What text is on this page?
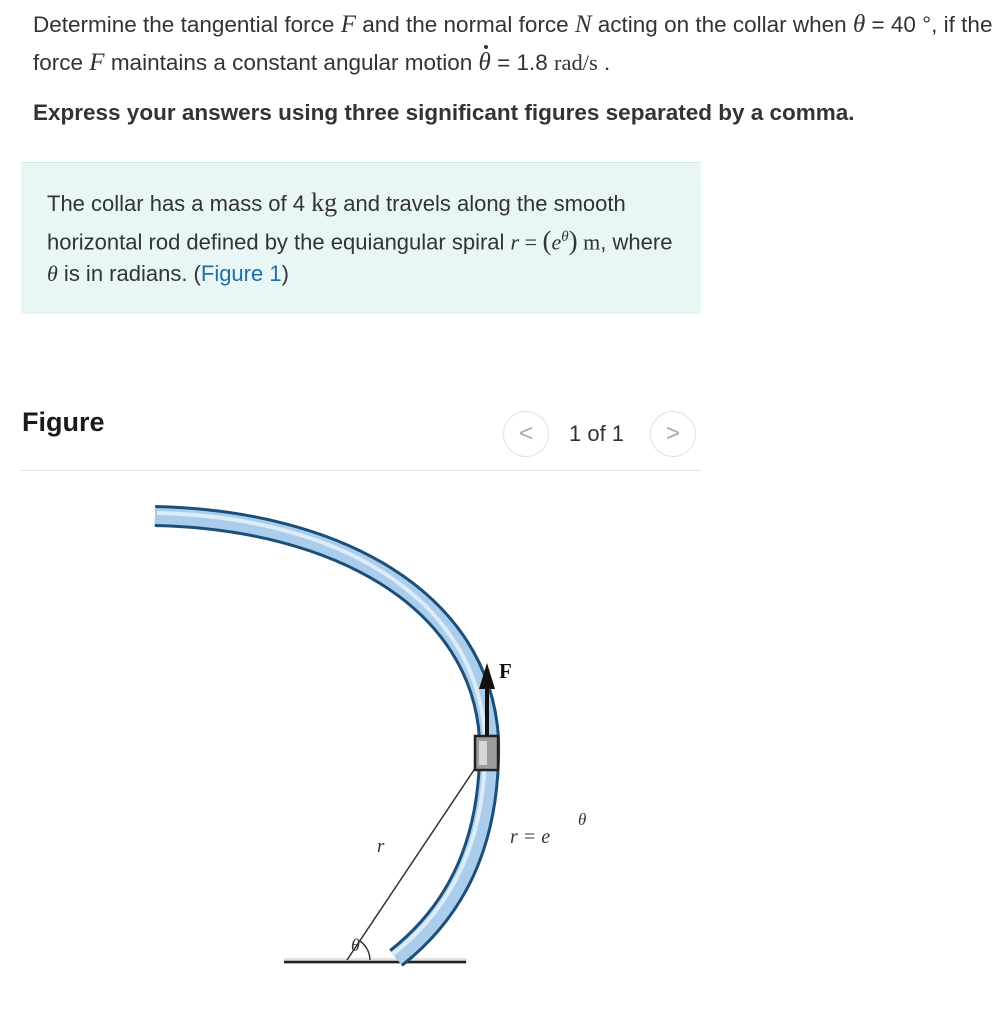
Determine the tangential force F and the normal force N acting on the collar when θ = 40 °, if the force F maintains a constant angular motion θ = 1.8 rad/s .

Express your answers using three significant figures separated by a comma.

The collar has a mass of 4 kg and travels along the smooth horizontal rod defined by the equiangular spiral $r = (e^\theta)$ m, where θ is in radians. (Figure 1)

Figure	< 1 of 1 >
F
r	r = e
θ
θ
